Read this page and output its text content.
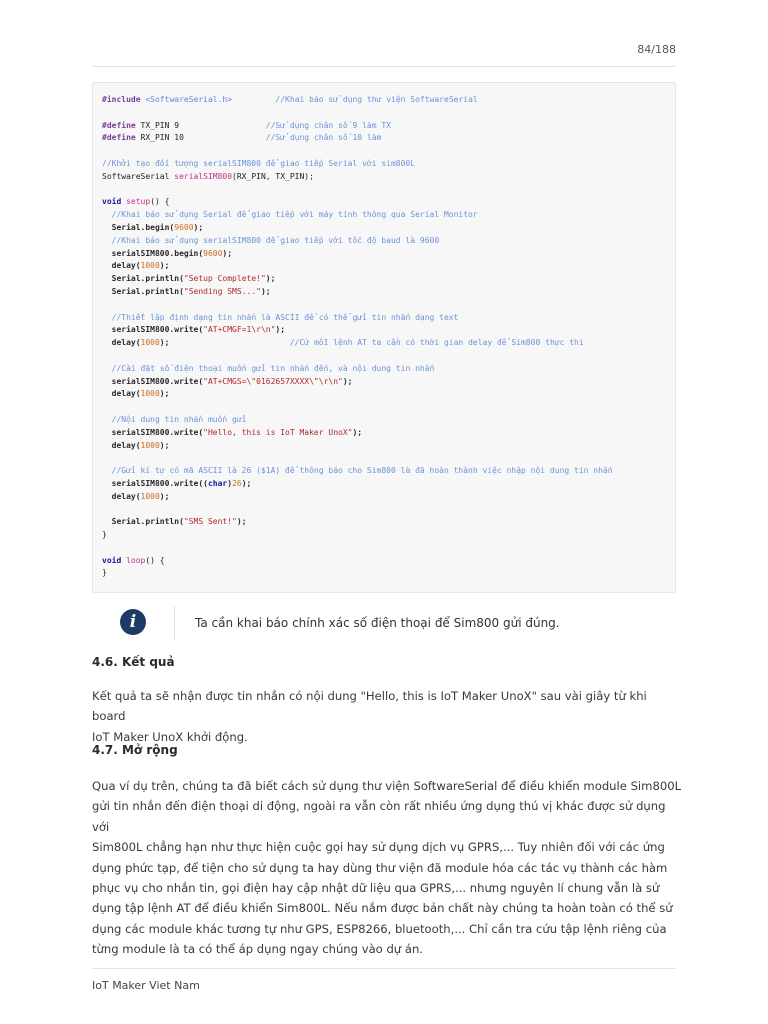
84/188
#include <SoftwareSerial.h>	//Khai báo sử dụng thư viện SoftwareSerial

#define TX_PIN 9                  //Sử dụng chân số 9 làm TX
#define RX_PIN 10                 //Sử dụng chân số 10 làm

//Khởi tạo đối tượng serialSIM800 để giao tiếp Serial với sim800L
SoftwareSerial serialSIM800(RX_PIN, TX_PIN);

void setup() {
//Khai báo sử dụng Serial để giao tiếp với máy tính thông qua Serial Monitor
Serial.begin(9600);
//Khai báo sử dụng serialSIM800 để giao tiếp với tốc độ baud là 9600
serialSIM800.begin(9600);
delay(1000);
Serial.println("Setup Complete!");
Serial.println("Sending SMS...");

//Thiết lập định dạng tin nhắn là ASCII để có thể gửi tin nhắn dạng text
serialSIM800.write("AT+CMGF=1\r\n");
delay(1000);	//Cứ mỗi lệnh AT ta cần có thời gian delay để Sim800 thực thi

//Cài đặt số điện thoại muốn gửi tin nhắn đến, và nội dung tin nhắn
serialSIM800.write("AT+CMGS=\"0162657XXXX\"\r\n");
delay(1000);

//Nội dung tin nhắn muốn gửi
serialSIM800.write("Hello, this is IoT Maker UnoX");
delay(1000);

//Gửi kí tự có mã ASCII là 26 ($1A) để thông báo cho Sim800 là đã hoàn thành việc nhập nội dung tin nhắn
serialSIM800.write((char)26);
delay(1000);

Serial.println("SMS Sent!");
}

void loop() {
}
i	Ta cần khai báo chính xác số điện thoại để Sim800 gửi đúng.
4.6. Kết quả
Kết quả ta sẽ nhận được tin nhắn có nội dung "Hello, this is IoT Maker UnoX" sau vài giây từ khi board
IoT Maker UnoX khởi động.
4.7. Mở rộng
Qua ví dụ trên, chúng ta đã biết cách sử dụng thư viện SoftwareSerial để điều khiển module Sim800L
gửi tin nhắn đến điện thoại di động, ngoài ra vẫn còn rất nhiều ứng dụng thú vị khác được sử dụng với
Sim800L chẳng hạn như thực hiện cuộc gọi hay sử dụng dịch vụ GPRS,... Tuy nhiên đối với các ứng
dụng phức tạp, để tiện cho sử dụng ta hay dùng thư viện đã module hóa các tác vụ thành các hàm
phục vụ cho nhắn tin, gọi điện hay cập nhật dữ liệu qua GPRS,... nhưng nguyên lí chung vẫn là sử
dụng tập lệnh AT để điều khiển Sim800L. Nếu nắm được bản chất này chúng ta hoàn toàn có thể sử
dụng các module khác tương tự như GPS, ESP8266, bluetooth,... Chỉ cần tra cứu tập lệnh riêng của
từng module là ta có thể áp dụng ngay chúng vào dự án.
IoT Maker Viet Nam
